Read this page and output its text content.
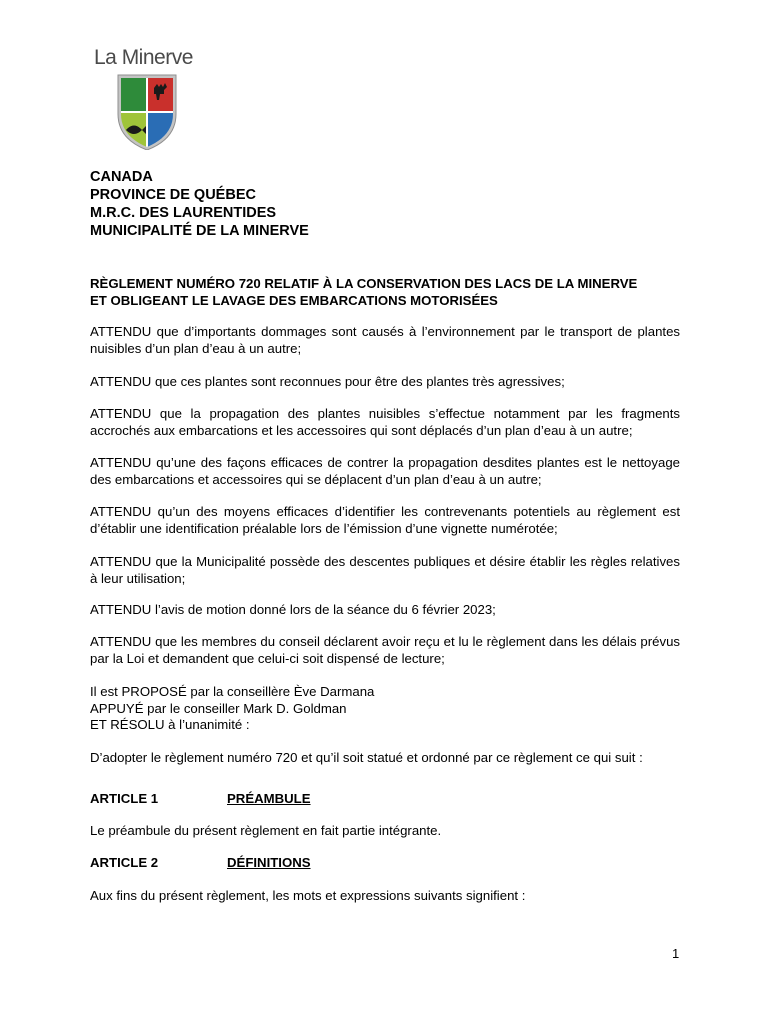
La Minerve
CANADA
PROVINCE DE QUÉBEC
M.R.C. DES LAURENTIDES
MUNICIPALITÉ DE LA MINERVE
RÈGLEMENT NUMÉRO 720 RELATIF À LA CONSERVATION DES LACS DE LA MINERVE
ET OBLIGEANT LE LAVAGE DES EMBARCATIONS MOTORISÉES
ATTENDU que d’importants dommages sont causés à l’environnement par le transport de plantes nuisibles d’un plan d’eau à un autre;
ATTENDU que ces plantes sont reconnues pour être des plantes très agressives;
ATTENDU que la propagation des plantes nuisibles s’effectue notamment par les fragments accrochés aux embarcations et les accessoires qui sont déplacés d’un plan d’eau à un autre;
ATTENDU qu’une des façons efficaces de contrer la propagation desdites plantes est le nettoyage des embarcations et accessoires qui se déplacent d’un plan d’eau à un autre;
ATTENDU qu’un des moyens efficaces d’identifier les contrevenants potentiels au règlement est d’établir une identification préalable lors de l’émission d’une vignette numérotée;
ATTENDU que la Municipalité possède des descentes publiques et désire établir les règles relatives à leur utilisation;
ATTENDU l’avis de motion donné lors de la séance du 6 février 2023;
ATTENDU que les membres du conseil déclarent avoir reçu et lu le règlement dans les délais prévus par la Loi et demandent que celui-ci soit dispensé de lecture;
Il est PROPOSÉ par la conseillère Ève Darmana
APPUYÉ par le conseiller Mark D. Goldman
ET RÉSOLU à l’unanimité :
D’adopter le règlement numéro 720 et qu’il soit statué et ordonné par ce règlement ce qui suit :
ARTICLE 1	PRÉAMBULE
Le préambule du présent règlement en fait partie intégrante.
ARTICLE 2	DÉFINITIONS
Aux fins du présent règlement, les mots et expressions suivants signifient :
1
